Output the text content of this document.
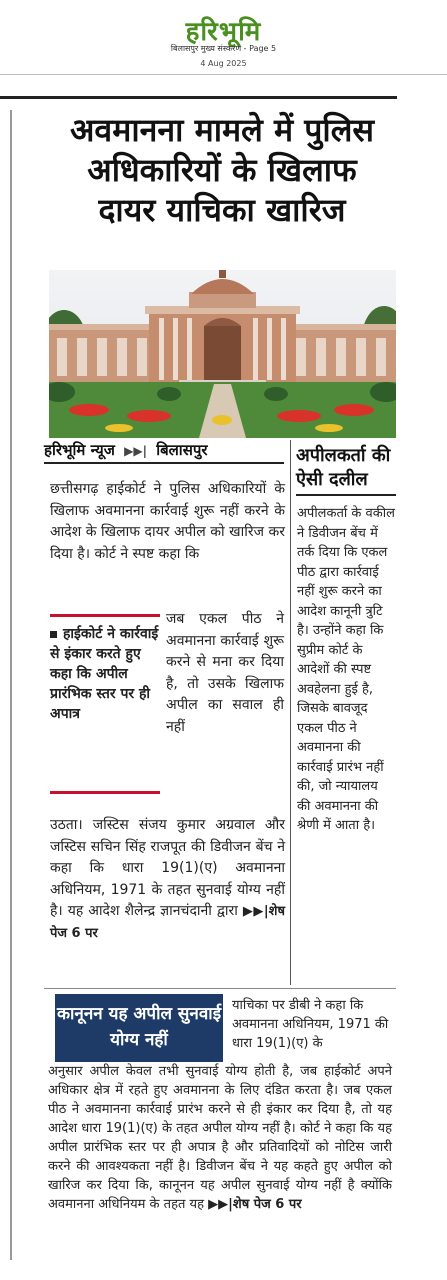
हरिभूमि
बिलासपुर मुख्य संस्करण - Page 5
4 Aug 2025
अवमानना मामले में पुलिस
अधिकारियों के खिलाफ
दायर याचिका खारिज
हरिभूमि न्यूज ▶▶| बिलासपुर
छत्तीसगढ़ हाईकोर्ट ने पुलिस अधिकारियों के खिलाफ अवमानना कार्रवाई शुरू नहीं करने के आदेश के खिलाफ दायर अपील को खारिज कर दिया है। कोर्ट ने स्पष्ट कहा कि
हाईकोर्ट ने कार्रवाई से इंकार करते हुए कहा कि अपील प्रारंभिक स्तर पर ही अपात्र
जब एकल पीठ ने अवमानना कार्रवाई शुरू करने से मना कर दिया है, तो उसके खिलाफ अपील का सवाल ही नहीं
उठता। जस्टिस संजय कुमार अग्रवाल और जस्टिस सचिन सिंह राजपूत की डिवीजन बेंच ने कहा कि धारा 19(1)(ए) अवमानना अधिनियम, 1971 के तहत सुनवाई योग्य नहीं है। यह आदेश शैलेन्द्र ज्ञानचंदानी द्वारा ▶▶|शेष पेज 6 पर
अपीलकर्ता की ऐसी दलील
अपीलकर्ता के वकील ने डिवीजन बेंच में तर्क दिया कि एकल पीठ द्वारा कार्रवाई नहीं शुरू करने का आदेश कानूनी त्रुटि है। उन्होंने कहा कि सुप्रीम कोर्ट के आदेशों की स्पष्ट अवहेलना हुई है, जिसके बावजूद एकल पीठ ने अवमानना की कार्रवाई प्रारंभ नहीं की, जो न्यायालय की अवमानना की श्रेणी में आता है।
कानूनन यह अपील सुनवाई योग्य नहीं
याचिका पर डीबी ने कहा कि अवमानना अधिनियम, 1971 की धारा 19(1)(ए) के
अनुसार अपील केवल तभी सुनवाई योग्य होती है, जब हाईकोर्ट अपने अधिकार क्षेत्र में रहते हुए अवमानना के लिए दंडित करता है। जब एकल पीठ ने अवमानना कार्रवाई प्रारंभ करने से ही इंकार कर दिया है, तो यह आदेश धारा 19(1)(ए) के तहत अपील योग्य नहीं है। कोर्ट ने कहा कि यह अपील प्रारंभिक स्तर पर ही अपात्र है और प्रतिवादियों को नोटिस जारी करने की आवश्यकता नहीं है। डिवीजन बेंच ने यह कहते हुए अपील को खारिज कर दिया कि, कानूनन यह अपील सुनवाई योग्य नहीं है क्योंकि अवमानना अधिनियम के तहत यह ▶▶|शेष पेज 6 पर
